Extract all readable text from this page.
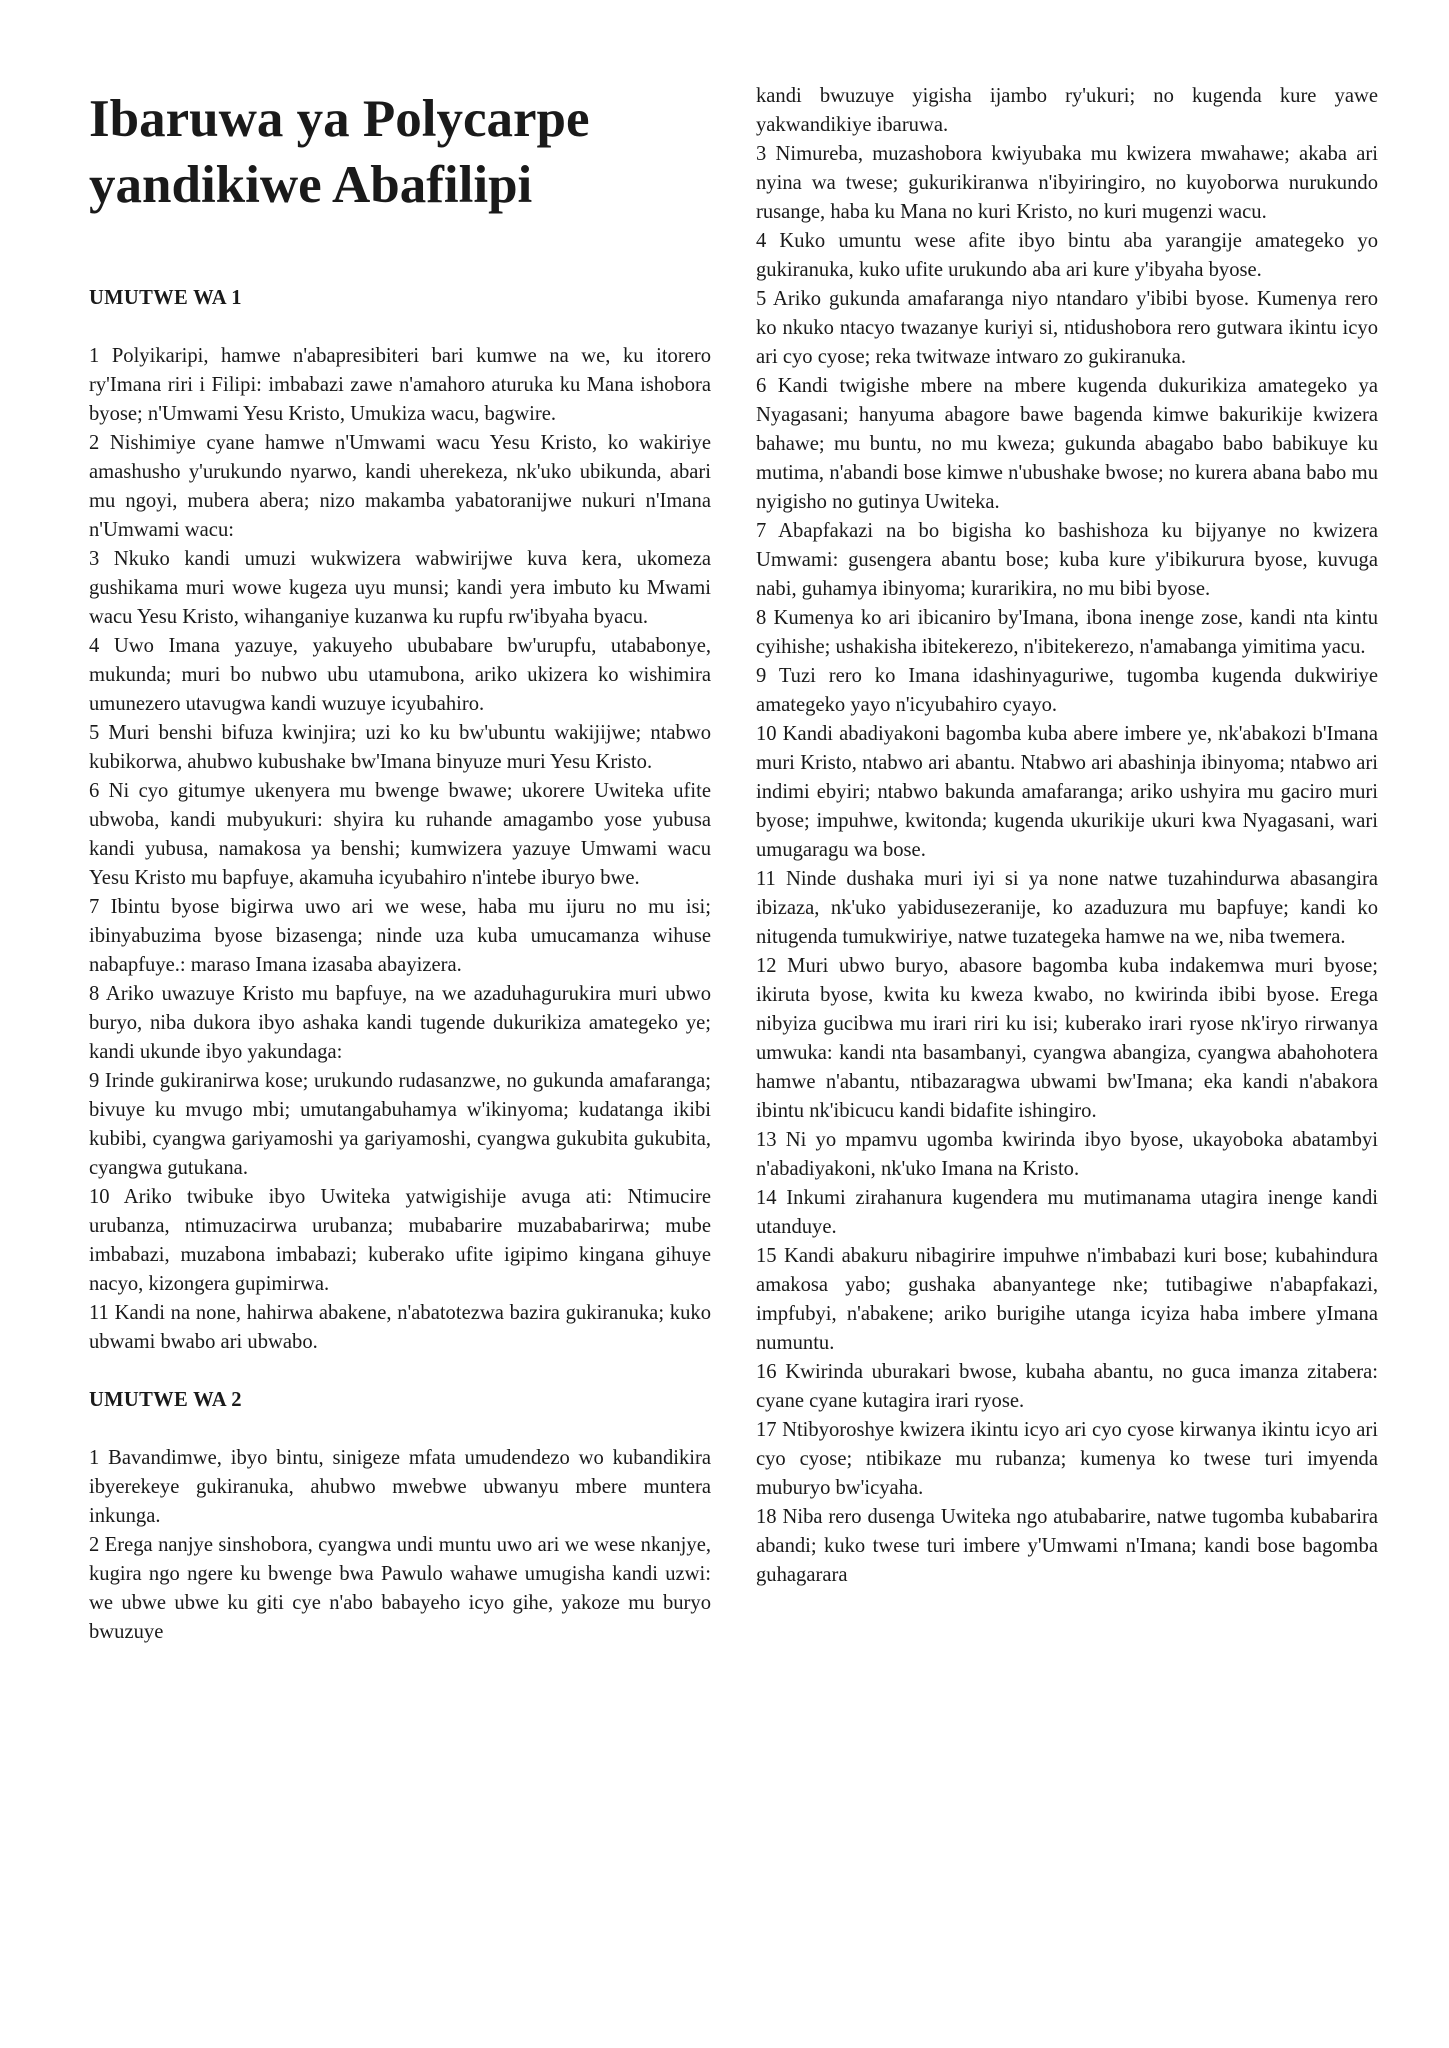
Ibaruwa ya Polycarpe yandikiwe Abafilipi
UMUTWE WA 1

1 Polyikaripi, hamwe n'abapresibiteri bari kumwe na we, ku itorero ry'Imana riri i Filipi: imbabazi zawe n'amahoro aturuka ku Mana ishobora byose; n'Umwami Yesu Kristo, Umukiza wacu, bagwire.

2 Nishimiye cyane hamwe n'Umwami wacu Yesu Kristo, ko wakiriye amashusho y'urukundo nyarwo, kandi uherekeza, nk'uko ubikunda, abari mu ngoyi, mubera abera; nizo makamba yabatoranijwe nukuri n'Imana n'Umwami wacu:

3 Nkuko kandi umuzi wukwizera wabwirijwe kuva kera, ukomeza gushikama muri wowe kugeza uyu munsi; kandi yera imbuto ku Mwami wacu Yesu Kristo, wihanganiye kuzanwa ku rupfu rw'ibyaha byacu.

4 Uwo Imana yazuye, yakuyeho ububabare bw'urupfu, utababonye, mukunda; muri bo nubwo ubu utamubona, ariko ukizera ko wishimira umunezero utavugwa kandi wuzuye icyubahiro.

5 Muri benshi bifuza kwinjira; uzi ko ku bw'ubuntu wakijijwe; ntabwo kubikorwa, ahubwo kubushake bw'Imana binyuze muri Yesu Kristo.

6 Ni cyo gitumye ukenyera mu bwenge bwawe; ukorere Uwiteka ufite ubwoba, kandi mubyukuri: shyira ku ruhande amagambo yose yubusa kandi yubusa, namakosa ya benshi; kumwizera yazuye Umwami wacu Yesu Kristo mu bapfuye, akamuha icyubahiro n'intebe iburyo bwe.

7 Ibintu byose bigirwa uwo ari we wese, haba mu ijuru no mu isi; ibinyabuzima byose bizasenga; ninde uza kuba umucamanza wihuse nabapfuye.: maraso Imana izasaba abayizera.

8 Ariko uwazuye Kristo mu bapfuye, na we azaduhagurukira muri ubwo buryo, niba dukora ibyo ashaka kandi tugende dukurikiza amategeko ye; kandi ukunde ibyo yakundaga:

9 Irinde gukiranirwa kose; urukundo rudasanzwe, no gukunda amafaranga; bivuye ku mvugo mbi; umutangabuhamya w'ikinyoma; kudatanga ikibi kubibi, cyangwa gariyamoshi ya gariyamoshi, cyangwa gukubita gukubita, cyangwa gutukana.

10 Ariko twibuke ibyo Uwiteka yatwigishije avuga ati: Ntimucire urubanza, ntimuzacirwa urubanza; mubabarire muzababarirwa; mube imbabazi, muzabona imbabazi; kuberako ufite igipimo kingana gihuye nacyo, kizongera gupimirwa.

11 Kandi na none, hahirwa abakene, n'abatotezwa bazira gukiranuka; kuko ubwami bwabo ari ubwabo.

UMUTWE WA 2

1 Bavandimwe, ibyo bintu, sinigeze mfata umudendezo wo kubandikira ibyerekeye gukiranuka, ahubwo mwebwe ubwanyu mbere muntera inkunga.

2 Erega nanjye sinshobora, cyangwa undi muntu uwo ari we wese nkanjye, kugira ngo ngere ku bwenge bwa Pawulo wahawe umugisha kandi uzwi: we ubwe ubwe ku giti cye n'abo babayeho icyo gihe, yakoze mu buryo bwuzuye

kandi bwuzuye yigisha ijambo ry'ukuri; no kugenda kure yawe yakwandikiye ibaruwa.

3 Nimureba, muzashobora kwiyubaka mu kwizera mwahawe; akaba ari nyina wa twese; gukurikiranwa n'ibyiringiro, no kuyoborwa nurukundo rusange, haba ku Mana no kuri Kristo, no kuri mugenzi wacu.

4 Kuko umuntu wese afite ibyo bintu aba yarangije amategeko yo gukiranuka, kuko ufite urukundo aba ari kure y'ibyaha byose.

5 Ariko gukunda amafaranga niyo ntandaro y'ibibi byose. Kumenya rero ko nkuko ntacyo twazanye kuriyi si, ntidushobora rero gutwara ikintu icyo ari cyo cyose; reka twitwaze intwaro zo gukiranuka.

6 Kandi twigishe mbere na mbere kugenda dukurikiza amategeko ya Nyagasani; hanyuma abagore bawe bagenda kimwe bakurikije kwizera bahawe; mu buntu, no mu kweza; gukunda abagabo babo babikuye ku mutima, n'abandi bose kimwe n'ubushake bwose; no kurera abana babo mu nyigisho no gutinya Uwiteka.

7 Abapfakazi na bo bigisha ko bashishoza ku bijyanye no kwizera Umwami: gusengera abantu bose; kuba kure y'ibikurura byose, kuvuga nabi, guhamya ibinyoma; kurarikira, no mu bibi byose.

8 Kumenya ko ari ibicaniro by'Imana, ibona inenge zose, kandi nta kintu cyihishe; ushakisha ibitekerezo, n'ibitekerezo, n'amabanga yimitima yacu.

9 Tuzi rero ko Imana idashinyaguriwe, tugomba kugenda dukwiriye amategeko yayo n'icyubahiro cyayo.

10 Kandi abadiyakoni bagomba kuba abere imbere ye, nk'abakozi b'Imana muri Kristo, ntabwo ari abantu. Ntabwo ari abashinja ibinyoma; ntabwo ari indimi ebyiri; ntabwo bakunda amafaranga; ariko ushyira mu gaciro muri byose; impuhwe, kwitonda; kugenda ukurikije ukuri kwa Nyagasani, wari umugaragu wa bose.

11 Ninde dushaka muri iyi si ya none natwe tuzahindurwa abasangira ibizaza, nk'uko yabidusezeranije, ko azaduzura mu bapfuye; kandi ko nitugenda tumukwiriye, natwe tuzategeka hamwe na we, niba twemera.

12 Muri ubwo buryo, abasore bagomba kuba indakemwa muri byose; ikiruta byose, kwita ku kweza kwabo, no kwirinda ibibi byose. Erega nibyiza gucibwa mu irari riri ku isi; kuberako irari ryose nk'iryo rirwanya umwuka: kandi nta basambanyi, cyangwa abangiza, cyangwa abahohotera hamwe n'abantu, ntibazaragwa ubwami bw'Imana; eka kandi n'abakora ibintu nk'ibicucu kandi bidafite ishingiro.

13 Ni yo mpamvu ugomba kwirinda ibyo byose, ukayoboka abatambyi n'abadiyakoni, nk'uko Imana na Kristo.

14 Inkumi zirahanura kugendera mu mutimanama utagira inenge kandi utanduye.

15 Kandi abakuru nibagirire impuhwe n'imbabazi kuri bose; kubahindura amakosa yabo; gushaka abanyantege nke; tutibagiwe n'abapfakazi, impfubyi, n'abakene; ariko burigihe utanga icyiza haba imbere yImana numuntu.

16 Kwirinda uburakari bwose, kubaha abantu, no guca imanza zitabera: cyane cyane kutagira irari ryose.

17 Ntibyoroshye kwizera ikintu icyo ari cyo cyose kirwanya ikintu icyo ari cyo cyose; ntibikaze mu rubanza; kumenya ko twese turi imyenda muburyo bw'icyaha.

18 Niba rero dusenga Uwiteka ngo atubabarire, natwe tugomba kubabarira abandi; kuko twese turi imbere y'Umwami n'Imana; kandi bose bagomba guhagarara
